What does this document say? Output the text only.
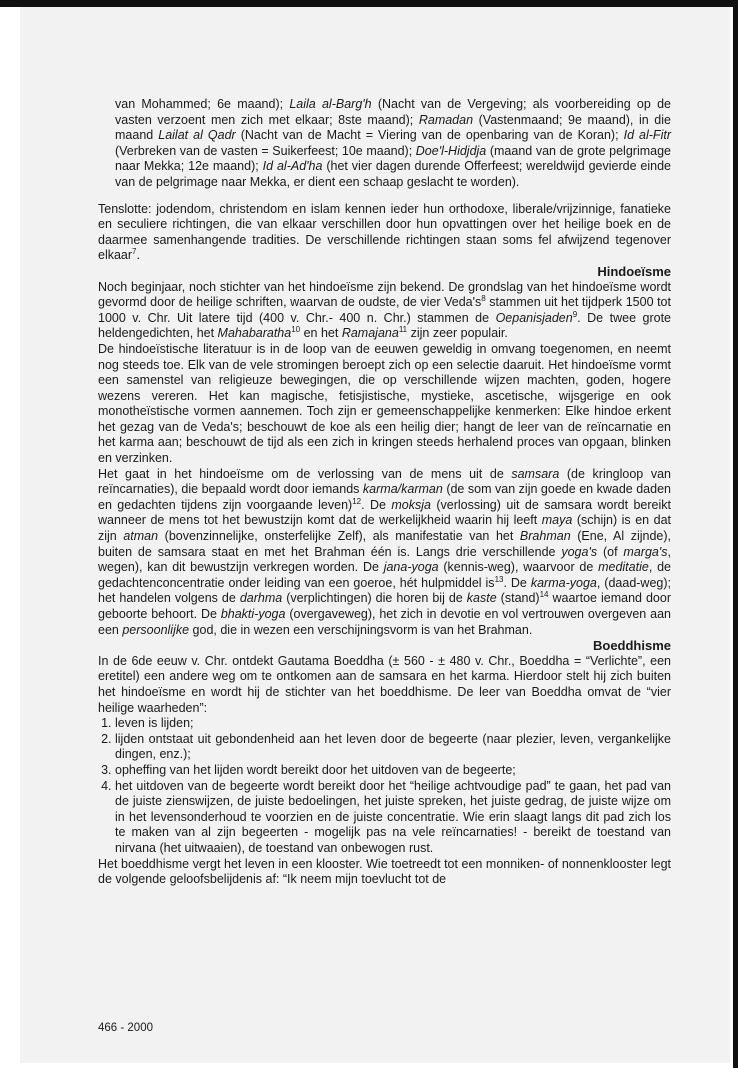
van Mohammed; 6e maand); Laila al-Barg'h (Nacht van de Vergeving; als voorbereiding op de vasten verzoent men zich met elkaar; 8ste maand); Ramadan (Vastenmaand; 9e maand), in die maand Lailat al Qadr (Nacht van de Macht = Viering van de openbaring van de Koran); Id al-Fitr (Verbreken van de vasten = Suikerfeest; 10e maand); Doe'l-Hidjdja (maand van de grote pelgrimage naar Mekka; 12e maand); Id al-Ad'ha (het vier dagen durende Offerfeest; wereldwijd gevierde einde van de pelgrimage naar Mekka, er dient een schaap geslacht te worden).

Tenslotte: jodendom, christendom en islam kennen ieder hun orthodoxe, liberale/vrijzinnige, fanatieke en seculiere richtingen, die van elkaar verschillen door hun opvattingen over het heilige boek en de daarmee samenhangende tradities. De verschillende richtingen staan soms fel afwijzend tegenover elkaar$^7$.

Hindoeïsme

Noch beginjaar, noch stichter van het hindoeïsme zijn bekend. De grondslag van het hindoeïsme wordt gevormd door de heilige schriften, waarvan de oudste, de vier $Veda's^8$ stammen uit het tijdperk 1500 tot 1000 v. Chr. Uit latere tijd (400 v. Chr.- 400 n. Chr.) stammen de Oepanisjaden$^9$. De twee grote heldengedichten, het Mahabaratha$^{10}$ en het Ramajana$^{11}$ zijn zeer populair.

De hindoeïstische literatuur is in de loop van de eeuwen geweldig in omvang toegenomen, en neemt nog steeds toe. Elk van de vele stromingen beroept zich op een selectie daaruit. Het hindoeïsme vormt een samenstel van religieuze bewegingen, die op verschillende wijzen machten, goden, hogere wezens vereren. Het kan magische, fetisjistische, mystieke, ascetische, wijsgerige en ook monotheïstische vormen aannemen. Toch zijn er gemeenschappelijke kenmerken: Elke hindoe erkent het gezag van de Veda's; beschouwt de koe als een heilig dier; hangt de leer van de reïncarnatie en het karma aan; beschouwt de tijd als een zich in kringen steeds herhalend proces van opgaan, blinken en verzinken.

Het gaat in het hindoeïsme om de verlossing van de mens uit de samsara (de kringloop van reïncarnaties), die bepaald wordt door iemands karma/karman (de som van zijn goede en kwade daden en gedachten tijdens zijn voorgaande leven)$^{12}$. De moksja (verlossing) uit de samsara wordt bereikt wanneer de mens tot het bewustzijn komt dat de werkelijkheid waarin hij leeft maya (schijn) is en dat zijn atman (bovenzinnelijke, onsterfelijke Zelf), als manifestatie van het Brahman (Ene, Al zijnde), buiten de samsara staat en met het Brahman één is. Langs drie verschillende yoga's (of marga's, wegen), kan dit bewustzijn verkregen worden. De jana-yoga (kennis-weg), waarvoor de meditatie, de gedachtenconcentratie onder leiding van een goeroe, hét hulpmiddel $is^{13}$. De karma-yoga, (daad-weg); het handelen volgens de darhma (verplichtingen) die horen bij de kaste $(stand)^{14}$ waartoe iemand door geboorte behoort. De bhakti-yoga (overgaveweg), het zich in devotie en vol vertrouwen overgeven aan een persoonlijke god, die in wezen een verschijningsvorm is van het Brahman.

Boeddhisme

In de 6de eeuw v. Chr. ontdekt Gautama Boeddha (± 560 - ± 480 v. Chr., Boeddha = “Verlichte”, een eretitel) een andere weg om te ontkomen aan de samsara en het karma. Hierdoor stelt hij zich buiten het hindoeïsme en wordt hij de stichter van het boeddhisme. De leer van Boeddha omvat de “vier heilige waarheden”:

1. leven is lijden;
2. lijden ontstaat uit gebondenheid aan het leven door de begeerte (naar plezier, leven, vergankelijke dingen, enz.);
3. opheffing van het lijden wordt bereikt door het uitdoven van de begeerte;
4. het uitdoven van de begeerte wordt bereikt door het “heilige achtvoudige pad” te gaan, het pad van de juiste zienswijzen, de juiste bedoelingen, het juiste spreken, het juiste gedrag, de juiste wijze om in het levensonderhoud te voorzien en de juiste concentratie. Wie erin slaagt langs dit pad zich los te maken van al zijn begeerten - mogelijk pas na vele reïncarnaties! - bereikt de toestand van nirvana (het uitwaaien), de toestand van onbewogen rust.

Het boeddhisme vergt het leven in een klooster. Wie toetreedt tot een monniken- of nonnenklooster legt de volgende geloofsbelijdenis af: “Ik neem mijn toevlucht tot de

466 - 2000
